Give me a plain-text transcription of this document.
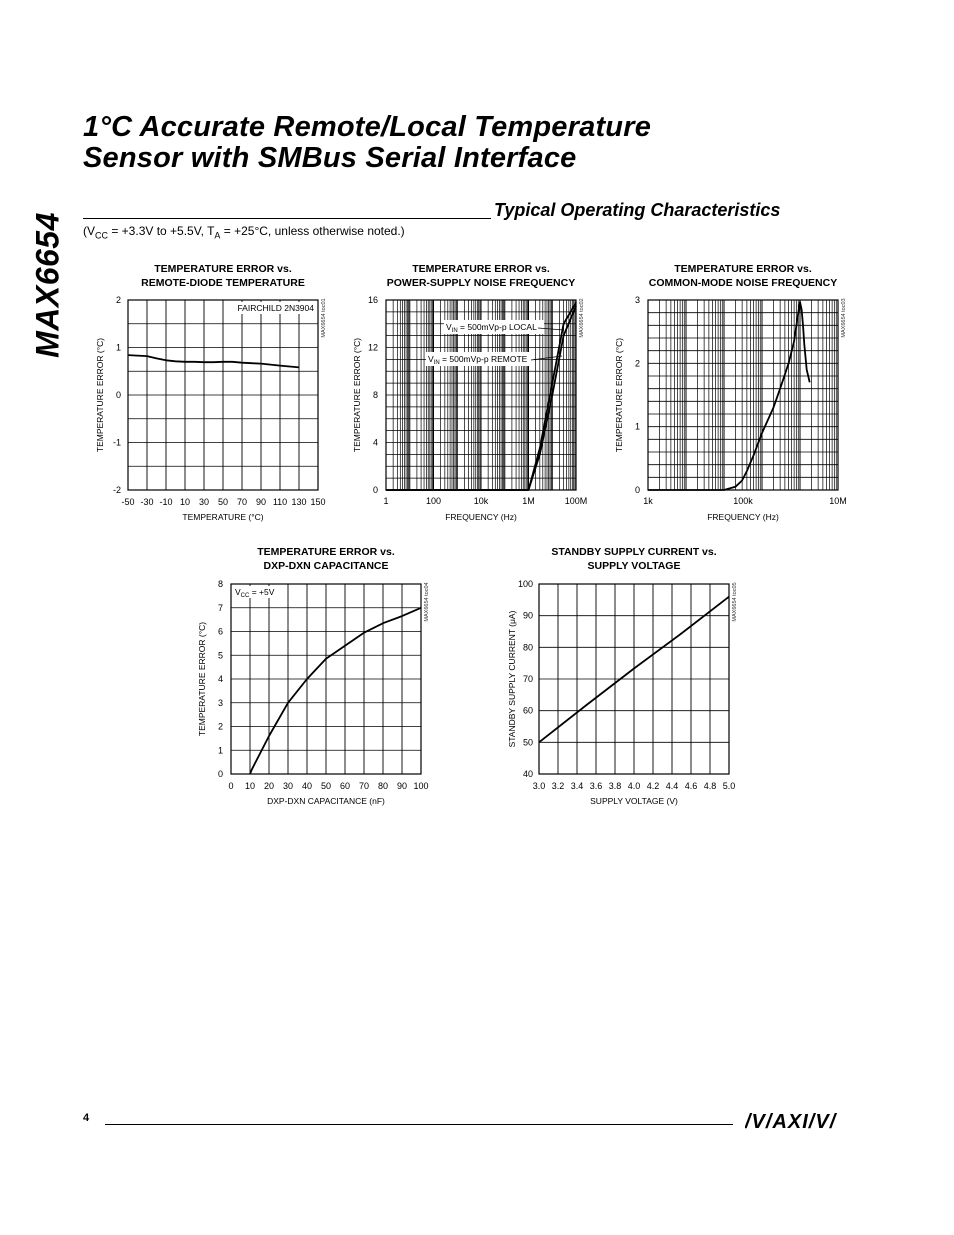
MAX6654
1°C Accurate Remote/Local Temperature
Sensor with SMBus Serial Interface
Typical Operating Characteristics
($V_{CC} = +3.3V$ to +5.5V, $T_A = +25^\circ C$, unless otherwise noted.)
TEMPERATURE ERROR vs.
REMOTE-DIODE TEMPERATURE
TEMPERATURE ERROR vs.
POWER-SUPPLY NOISE FREQUENCY
TEMPERATURE ERROR vs.
COMMON-MODE NOISE FREQUENCY
TEMPERATURE ERROR vs.
DXP-DXN CAPACITANCE
STANDBY SUPPLY CURRENT vs.
SUPPLY VOLTAGE
-2
-1
0
1
2
-50 -30 -10 10 30 50 70 90 110 130 150
TEMPERATURE (°C)
TEMPERATURE ERROR (°C)
MAX6654 toc01
FAIRCHILD 2N3904
0
4
8
12
16
1	100	10k	1M	100M
FREQUENCY (Hz)
TEMPERATURE ERROR (°C)
MAX6654 toc02
$V_{IN} = 500mVp-p$ LOCAL
$V_{IN} = 500mVp-p$ REMOTE
0
1
2
3
1k	100k	10M
FREQUENCY (Hz)
TEMPERATURE ERROR (°C)
MAX6654 toc03
0
1
2
3
4
5
6
7
8
0 10 20 30 40 50 60 70 80 90 100
DXP-DXN CAPACITANCE (nF)
TEMPERATURE ERROR (°C)
MAX6654 toc04
$V_{CC} = +5V$
40
50
60
70
80
90
100
3.0 3.2 3.4 3.6 3.8 4.0 4.2 4.4 4.6 4.8 5.0
SUPPLY VOLTAGE (V)
STANDBY SUPPLY CURRENT (μA)
MAX6654 toc05
4	/V/AXI/V/
